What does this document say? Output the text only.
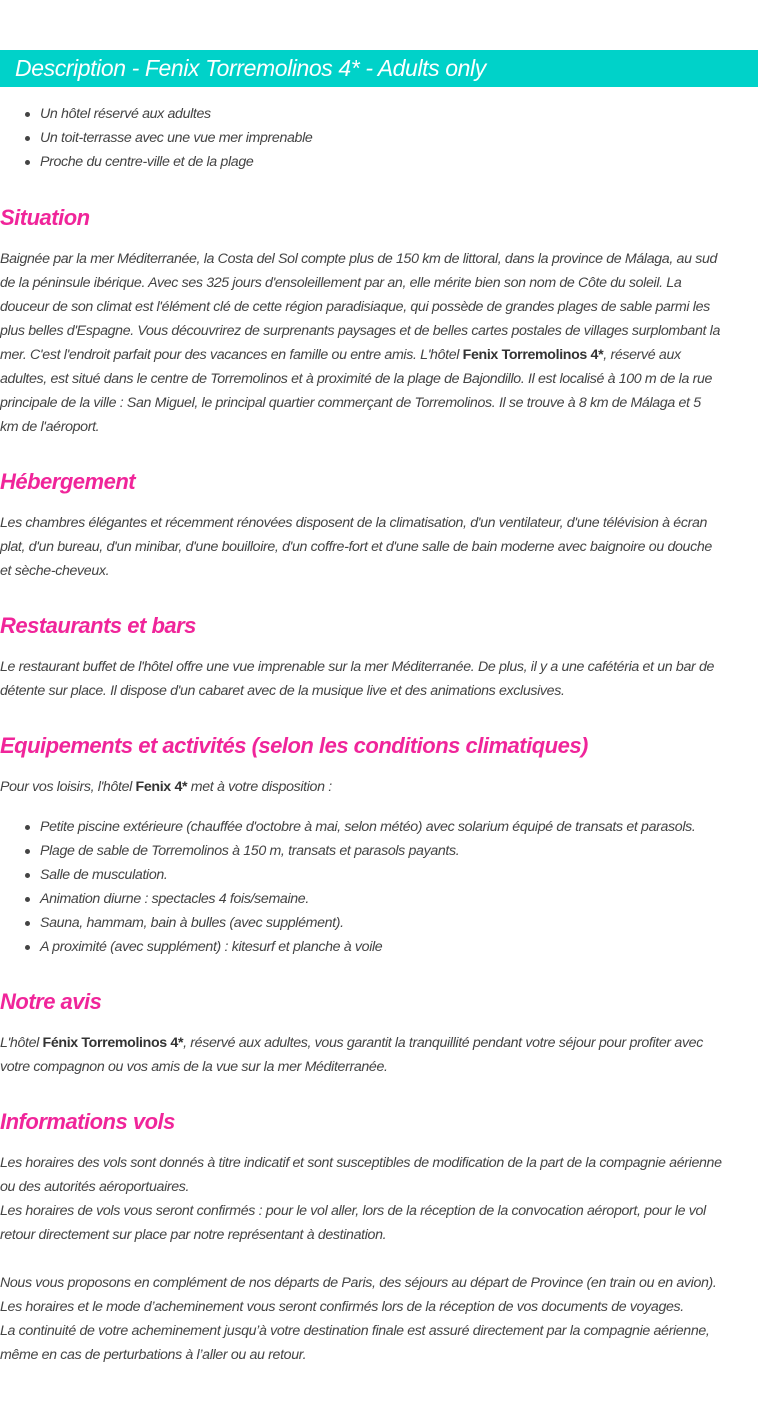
Description - Fenix Torremolinos 4* - Adults only
Un hôtel réservé aux adultes
Un toit-terrasse avec une vue mer imprenable
Proche du centre-ville et de la plage
Situation

Baignée par la mer Méditerranée, la Costa del Sol compte plus de 150 km de littoral, dans la province de Málaga, au sud
de la péninsule ibérique. Avec ses 325 jours d'ensoleillement par an, elle mérite bien son nom de Côte du soleil. La
douceur de son climat est l'élément clé de cette région paradisiaque, qui possède de grandes plages de sable parmi les
plus belles d'Espagne. Vous découvrirez de surprenants paysages et de belles cartes postales de villages surplombant la
mer. C'est l'endroit parfait pour des vacances en famille ou entre amis. L'hôtel Fenix Torremolinos 4*, réservé aux
adultes, est situé dans le centre de Torremolinos et à proximité de la plage de Bajondillo. Il est localisé à 100 m de la rue
principale de la ville : San Miguel, le principal quartier commerçant de Torremolinos. Il se trouve à 8 km de Málaga et 5
km de l'aéroport.

Hébergement

Les chambres élégantes et récemment rénovées disposent de la climatisation, d'un ventilateur, d'une télévision à écran
plat, d'un bureau, d'un minibar, d'une bouilloire, d'un coffre-fort et d'une salle de bain moderne avec baignoire ou douche
et sèche-cheveux.

Restaurants et bars

Le restaurant buffet de l'hôtel offre une vue imprenable sur la mer Méditerranée. De plus, il y a une cafétéria et un bar de
détente sur place. Il dispose d'un cabaret avec de la musique live et des animations exclusives.

Equipements et activités (selon les conditions climatiques)

Pour vos loisirs, l'hôtel Fenix 4* met à votre disposition :

Petite piscine extérieure (chauffée d'octobre à mai, selon météo) avec solarium équipé de transats et parasols.
Plage de sable de Torremolinos à 150 m, transats et parasols payants.
Salle de musculation.
Animation diurne : spectacles 4 fois/semaine.
Sauna, hammam, bain à bulles (avec supplément).
A proximité (avec supplément) : kitesurf et planche à voile
Notre avis

L'hôtel Fénix Torremolinos 4*, réservé aux adultes, vous garantit la tranquillité pendant votre séjour pour profiter avec
votre compagnon ou vos amis de la vue sur la mer Méditerranée.

Informations vols

Les horaires des vols sont donnés à titre indicatif et sont susceptibles de modification de la part de la compagnie aérienne
ou des autorités aéroportuaires.
Les horaires de vols vous seront confirmés : pour le vol aller, lors de la réception de la convocation aéroport, pour le vol
retour directement sur place par notre représentant à destination.

Nous vous proposons en complément de nos départs de Paris, des séjours au départ de Province (en train ou en avion).
Les horaires et le mode d’acheminement vous seront confirmés lors de la réception de vos documents de voyages.
La continuité de votre acheminement jusqu’à votre destination finale est assuré directement par la compagnie aérienne,
même en cas de perturbations à l’aller ou au retour.
